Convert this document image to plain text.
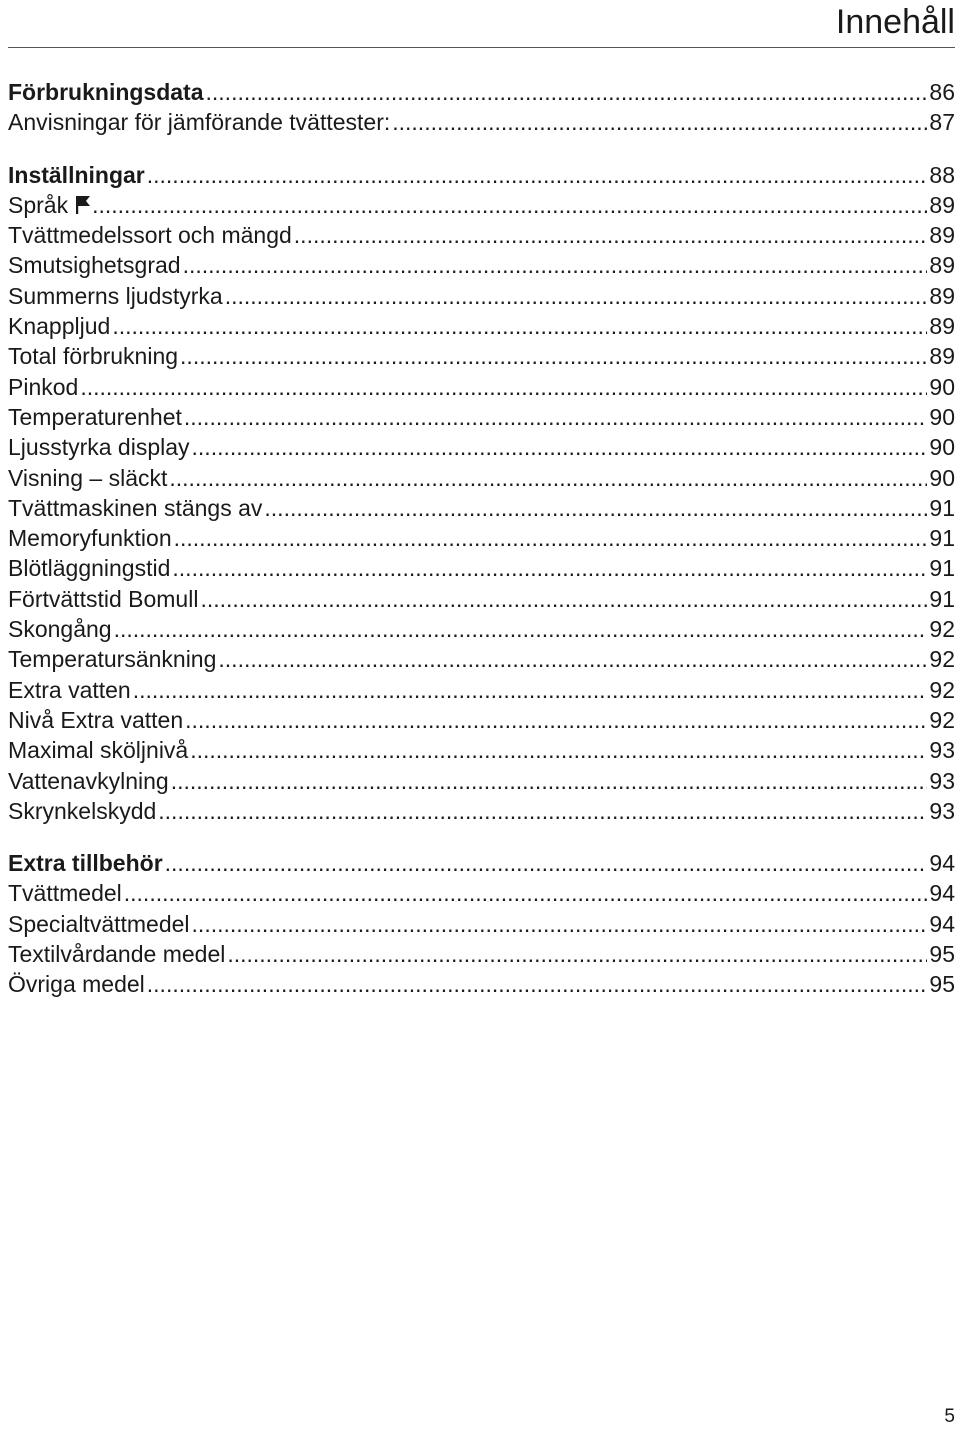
Innehåll
Förbrukningsdata .....	86
Anvisningar för jämförande tvättester: .....	87
Inställningar .....	88
Språk .....	89
Tvättmedelssort och mängd .....	89
Smutsighetsgrad .....	89
Summerns ljudstyrka .....	89
Knappljud .....	89
Total förbrukning .....	89
Pinkod .....	90
Temperaturenhet .....	90
Ljusstyrka display .....	90
Visning – släckt .....	90
Tvättmaskinen stängs av .....	91
Memoryfunktion .....	91
Blötläggningstid .....	91
Förtvättstid Bomull .....	91
Skongång .....	92
Temperatursänkning .....	92
Extra vatten .....	92
Nivå Extra vatten .....	92
Maximal sköljnivå .....	93
Vattenavkylning .....	93
Skrynkelskydd .....	93
Extra tillbehör .....	94
Tvättmedel .....	94
Specialtvättmedel .....	94
Textilvårdande medel .....	95
Övriga medel .....	95
5
